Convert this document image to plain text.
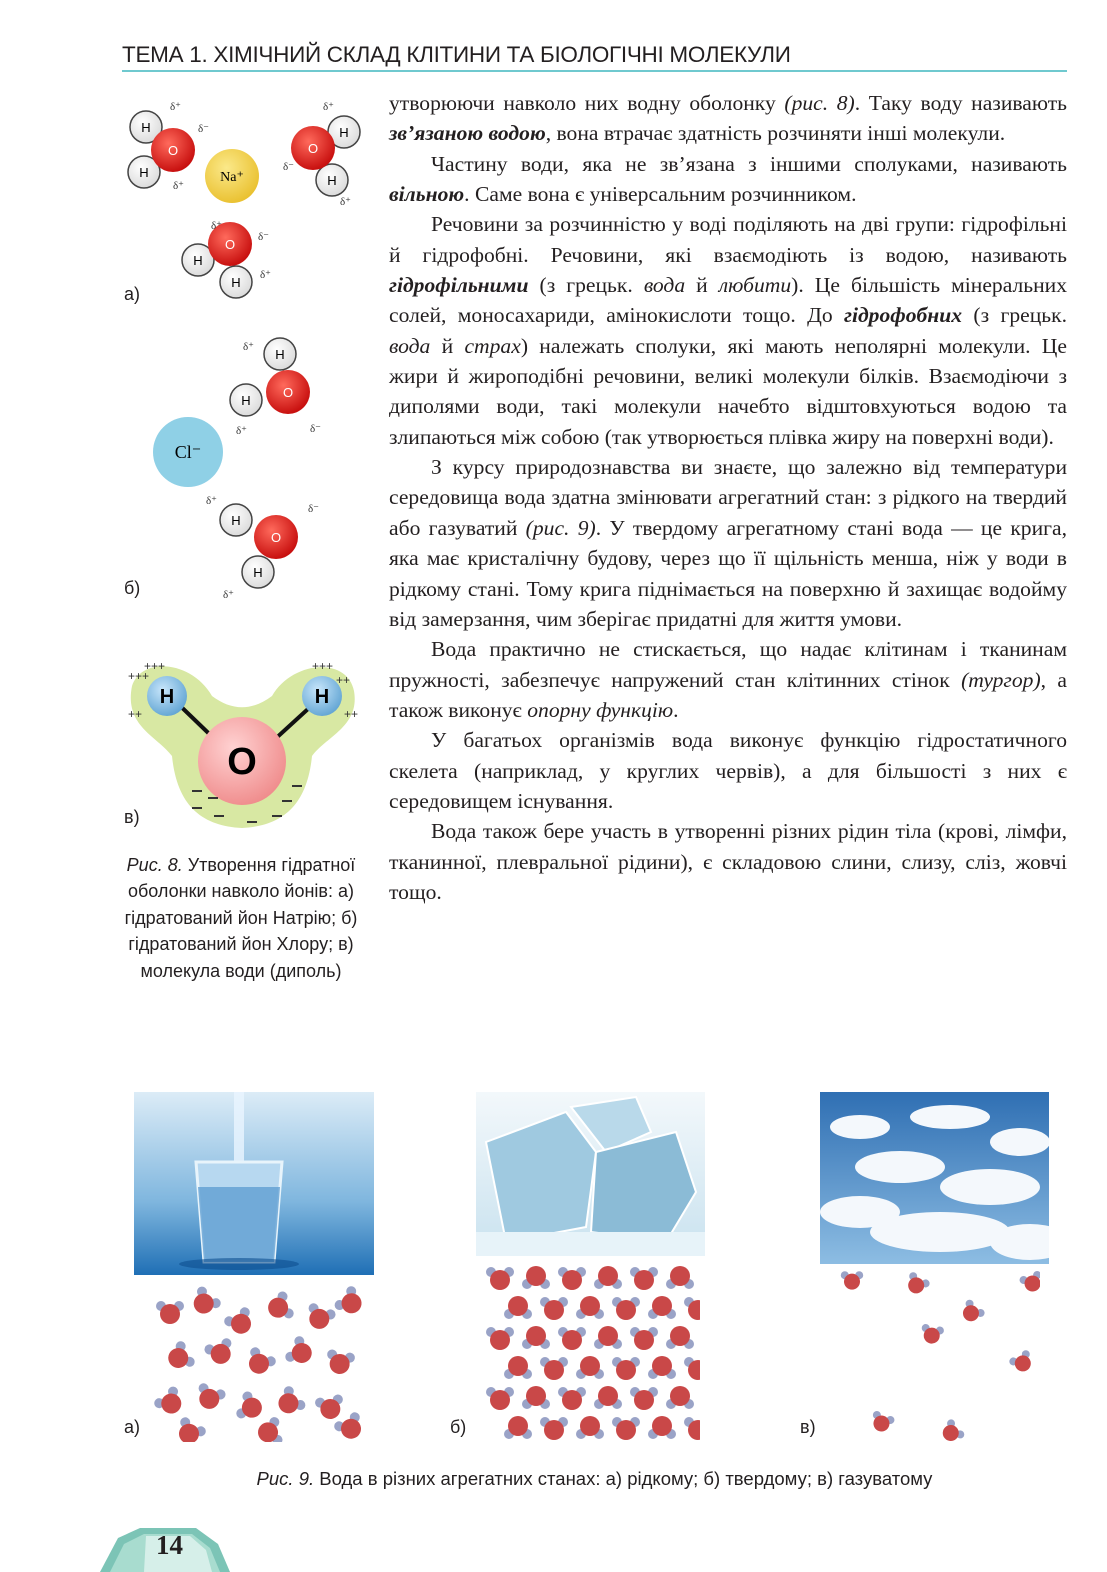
ТЕМА 1. ХІМІЧНИЙ СКЛАД КЛІТИНИ ТА БІОЛОГІЧНІ МОЛЕКУЛИ
H
H
O
Na⁺
H
H
O
H
H
O
δ⁺
δ⁻
δ⁺
δ⁺
δ⁻
δ⁺
δ⁺
δ⁻
δ⁺
а)
H
H
O
Cl⁻
H
H
O
δ⁺
δ⁺	δ⁻
δ⁺
δ⁻
δ⁺
б)
H	H
O
+++
+++
++
+++
++
++
в)
Рис. 8. Утворення гідратної оболонки навколо йонів: а) гідратований йон Натрію; б) гідратований йон Хлору; в) молекула води (диполь)

утворюючи навколо них водну оболонку (рис. 8). Таку воду називають зв’язаною водою, вона втрачає здатність розчиняти інші молекули.

Частину води, яка не зв’язана з іншими сполуками, називають вільною. Саме вона є універсальним розчинником.

Речовини за розчинністю у воді поділяють на дві групи: гідрофільні й гідрофобні. Речовини, які взаємодіють із водою, називають гідрофільними (з грецьк. вода й любити). Це більшість мінеральних солей, моносахариди, амінокислоти тощо. До гідрофобних (з грецьк. вода й страх) належать сполуки, які мають неполярні молекули. Це жири й жироподібні речовини, великі молекули білків. Взаємодіючи з диполями води, такі молекули начебто відштовхуються водою та злипаються між собою (так утворюється плівка жиру на поверхні води).

З курсу природознавства ви знаєте, що залежно від температури середовища вода здатна змінювати агрегатний стан: з рідкого на твердий або газуватий (рис. 9). У твердому агрегатному стані вода — це крига, яка має кристалічну будову, через що її щільність менша, ніж у води в рідкому стані. Тому крига піднімається на поверхню й захищає водойму від замерзання, чим зберігає придатні для життя умови.

Вода практично не стискається, що надає клітинам і тканинам пружності, забезпечує напружений стан клітинних стінок (тургор), а також виконує опорну функцію.

У багатьох організмів вода виконує функцію гідростатичного скелета (наприклад, у круглих червів), а для більшості з них є середовищем існування.

Вода також бере участь в утворенні різних рідин тіла (крові, лімфи, тканинної, плевральної рідини), є складовою слини, слизу, сліз, жовчі тощо.

а)	б)	в)
Рис. 9. Вода в різних агрегатних станах: а) рідкому; б) твердому; в) газуватому
14
